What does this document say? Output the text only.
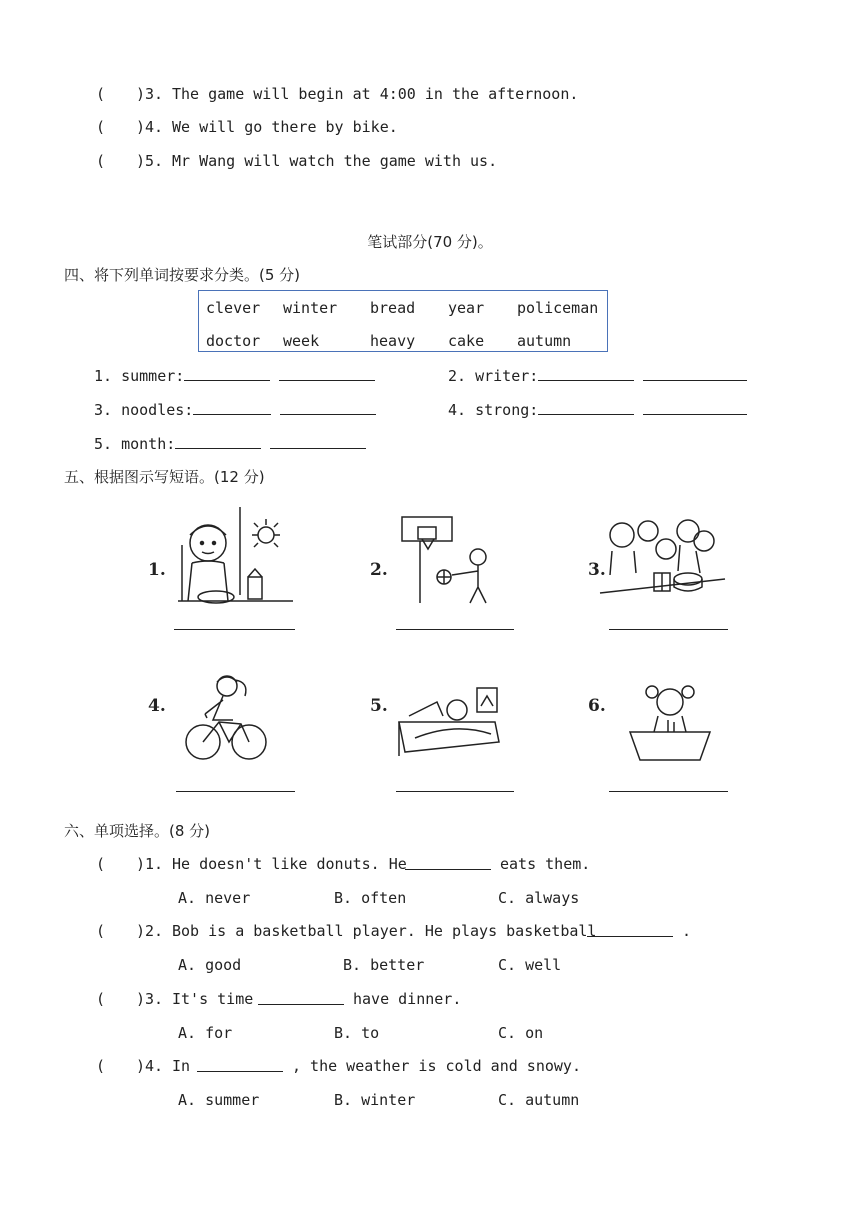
( )3. The game will begin at 4:00 in the afternoon.
( )4. We will go there by bike.
( )5. Mr Wang will watch the game with us.
笔试部分(70 分)。
四、将下列单词按要求分类。(5 分)
clever winter bread year policeman
doctor week	heavy cake autumn
1. summer:	2. writer:
3. noodles:	4. strong:
5. month:
五、根据图示写短语。(12 分)
1.	2.	3.
4.	5.	6.
六、单项选择。(8 分)
( )1. He doesn't like donuts. He	eats them.
A. never	B. often	C. always
( )2. Bob is a basketball player. He plays basketball	.
A. good	B. better	C. well
( )3. It's time	have dinner.
A. for	B. to	C. on
( )4. In	, the weather is cold and snowy.
A. summer	B. winter	C. autumn
